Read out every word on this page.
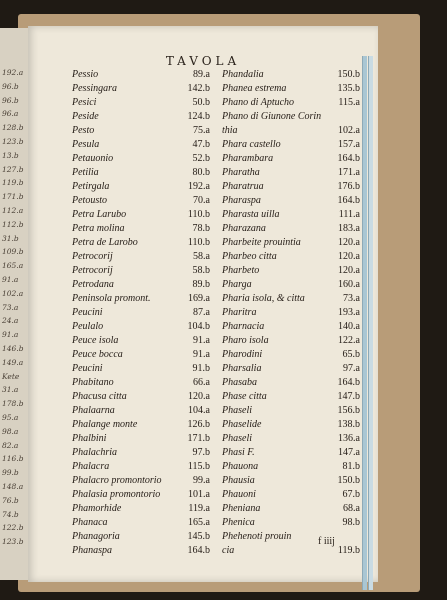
192.a
96.b
96.b
96.a
128.b
123.b
13.b
127.b
119.b
171.b
112.a
112.b
31.b
109.b
165.a
91.a
102.a
73.a
24.a
91.a
146.b
149.a
Kete
31.a
178.b
95.a
98.a
82.a
116.b
99.b
148.a
76.b
74.b
122.b
123.b
TAVOLA
Pessio	89.a	Phandalia	150.b
Pessingara	142.b	Phanea estrema	135.b
Pesici	50.b	Phano di Aptucho	115.a
Peside	124.b	Phano di Giunone Corin
Pesto	75.a	thia	102.a
Pesula	47.b	Phara castello	157.a
Petauonio	52.b	Pharambara	164.b
Petilia	80.b	Pharatha	171.a
Petirgala	192.a	Pharatrua	176.b
Petousto	70.a	Pharaspa	164.b
Petra Larubo	110.b	Pharasta uilla	111.a
Petra molina	78.b	Pharazana	183.a
Petra de Larobo	110.b	Pharbeite prouintia	120.a
Petrocorij	58.a	Pharbeo citta	120.a
Petrocorij	58.b	Pharbeto	120.a
Petrodana	89.b	Pharga	160.a
Peninsola promont.	169.a	Pharia isola, & citta	73.a
Peucini	87.a	Pharitra	193.a
Peulalo	104.b	Pharnacia	140.a
Peuce isola	91.a	Pharo isola	122.a
Peuce bocca	91.a	Pharodini	65.b
Peucini	91.b	Pharsalia	97.a
Phabitano	66.a	Phasaba	164.b
Phacusa citta	120.a	Phase citta	147.b
Phalaarna	104.a	Phaseli	156.b
Phalange monte	126.b	Phaselide	138.b
Phalbini	171.b	Phaseli	136.a
Phalachria	97.b	Phasi F.	147.a
Phalacra	115.b	Phauona	81.b
Phalacro promontorio	99.a	Phausia	150.b
Phalasia promontorio	101.a	Phauoni	67.b
Phamorhide	119.a	Pheniana	68.a
Phanaca	165.a	Phenica	98.b
Phanagoria	145.b	Phehenoti prouin
Phanaspa	164.b	cia	119.b
f iiij
